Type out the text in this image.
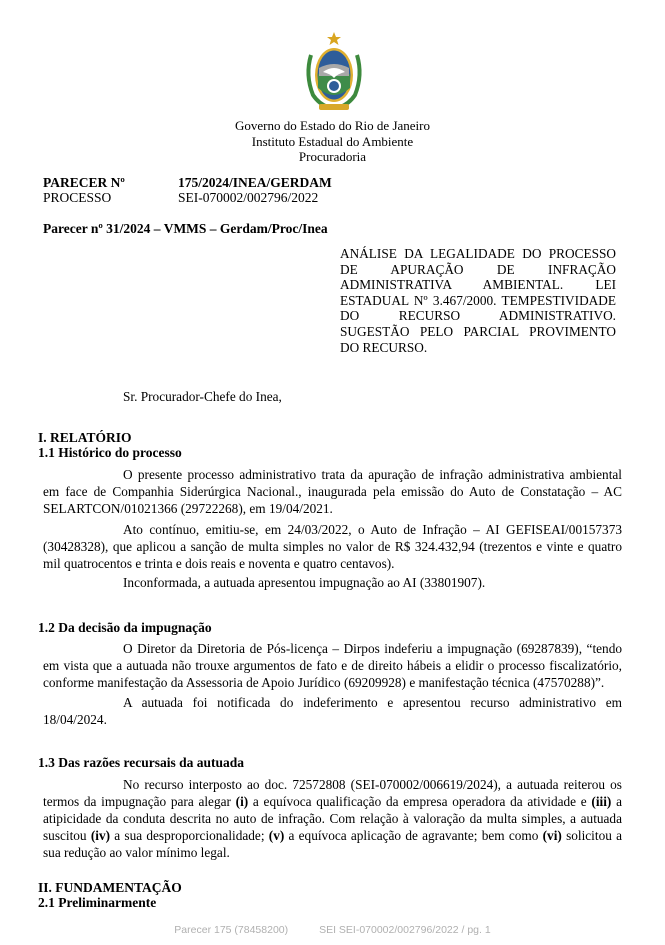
Governo do Estado do Rio de Janeiro
Instituto Estadual do Ambiente
Procuradoria
PARECER Nº	175/2024/INEA/GERDAM
PROCESSO	SEI-070002/002796/2022
Parecer nº 31/2024 – VMMS – Gerdam/Proc/Inea
ANÁLISE DA LEGALIDADE DO PROCESSO
DE APURAÇÃO DE INFRAÇÃO
ADMINISTRATIVA AMBIENTAL. LEI
ESTADUAL Nº 3.467/2000. TEMPESTIVIDADE
DO RECURSO ADMINISTRATIVO.
SUGESTÃO PELO PARCIAL PROVIMENTO
DO RECURSO.
Sr. Procurador-Chefe do Inea,
I. RELATÓRIO
1.1 Histórico do processo
O presente processo administrativo trata da apuração de infração administrativa ambiental
em face de Companhia Siderúrgica Nacional., inaugurada pela emissão do Auto de Constatação – AC
SELARTCON/01021366 (29722268), em 19/04/2021.
Ato contínuo, emitiu-se, em 24/03/2022, o Auto de Infração – AI GEFISEAI/00157373
(30428328), que aplicou a sanção de multa simples no valor de R$ 324.432,94 (trezentos e vinte e quatro
mil quatrocentos e trinta e dois reais e noventa e quatro centavos).
Inconformada, a autuada apresentou impugnação ao AI (33801907).
1.2 Da decisão da impugnação
O Diretor da Diretoria de Pós-licença – Dirpos indeferiu a impugnação (69287839), “tendo
em vista que a autuada não trouxe argumentos de fato e de direito hábeis a elidir o processo fiscalizatório,
conforme manifestação da Assessoria de Apoio Jurídico (69209928) e manifestação técnica (47570288)”.
A autuada foi notificada do indeferimento e apresentou recurso administrativo em
18/04/2024.
1.3 Das razões recursais da autuada
No recurso interposto ao doc. 72572808 (SEI-070002/006619/2024), a autuada reiterou os
termos da impugnação para alegar (i) a equívoca qualificação da empresa operadora da atividade e (iii) a
atipicidade da conduta descrita no auto de infração. Com relação à valoração da multa simples, a autuada
suscitou (iv) a sua desproporcionalidade; (v) a equívoca aplicação de agravante; bem como (vi) solicitou a
sua redução ao valor mínimo legal.
II. FUNDAMENTAÇÃO
2.1 Preliminarmente
Parecer 175 (78458200)	SEI SEI-070002/002796/2022 / pg. 1
